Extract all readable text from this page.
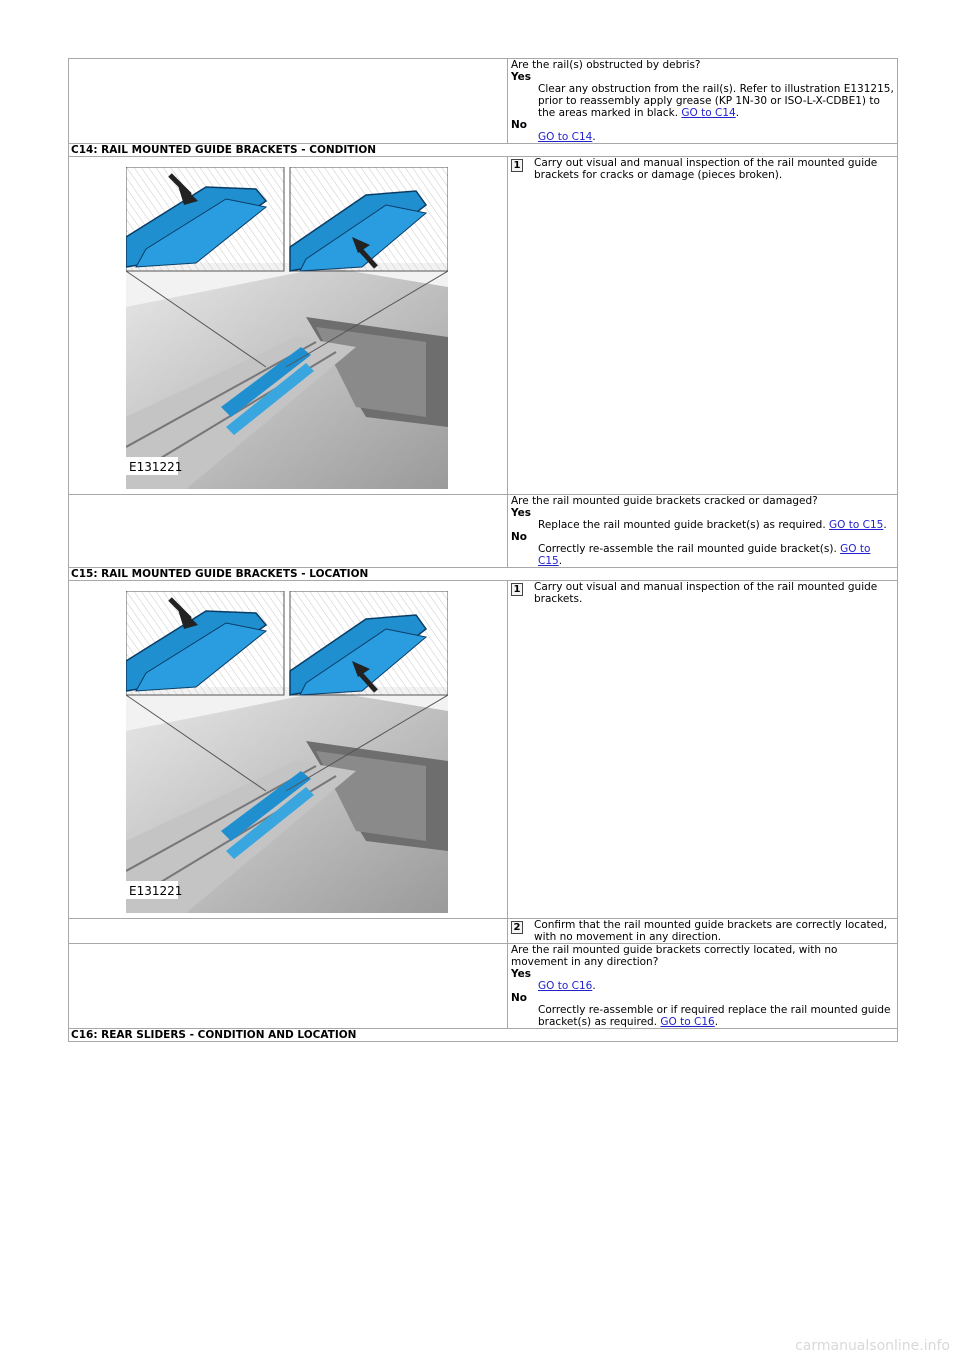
	Are the rail(s) obstructed by debris?
Yes
Clear any obstruction from the rail(s). Refer to illustration E131215, prior to reassembly apply grease (KP 1N-30 or ISO-L-X-CDBE1) to the areas marked in black. GO to C14.
No
GO to C14.

C14: RAIL MOUNTED GUIDE BRACKETS - CONDITION	

E131221	1 Carry out visual and manual inspection of the rail mounted guide brackets for cracks or damage (pieces broken).

	Are the rail mounted guide brackets cracked or damaged?
Yes
Replace the rail mounted guide bracket(s) as required. GO to C15.
No
Correctly re-assemble the rail mounted guide bracket(s). GO to C15.

C15: RAIL MOUNTED GUIDE BRACKETS - LOCATION	

E131221	1 Carry out visual and manual inspection of the rail mounted guide brackets.

	2 Confirm that the rail mounted guide brackets are correctly located, with no movement in any direction.

	Are the rail mounted guide brackets correctly located, with no movement in any direction?
Yes
GO to C16.
No
Correctly re-assemble or if required replace the rail mounted guide bracket(s) as required. GO to C16.

C16: REAR SLIDERS - CONDITION AND LOCATION	
carmanualsonline.info
